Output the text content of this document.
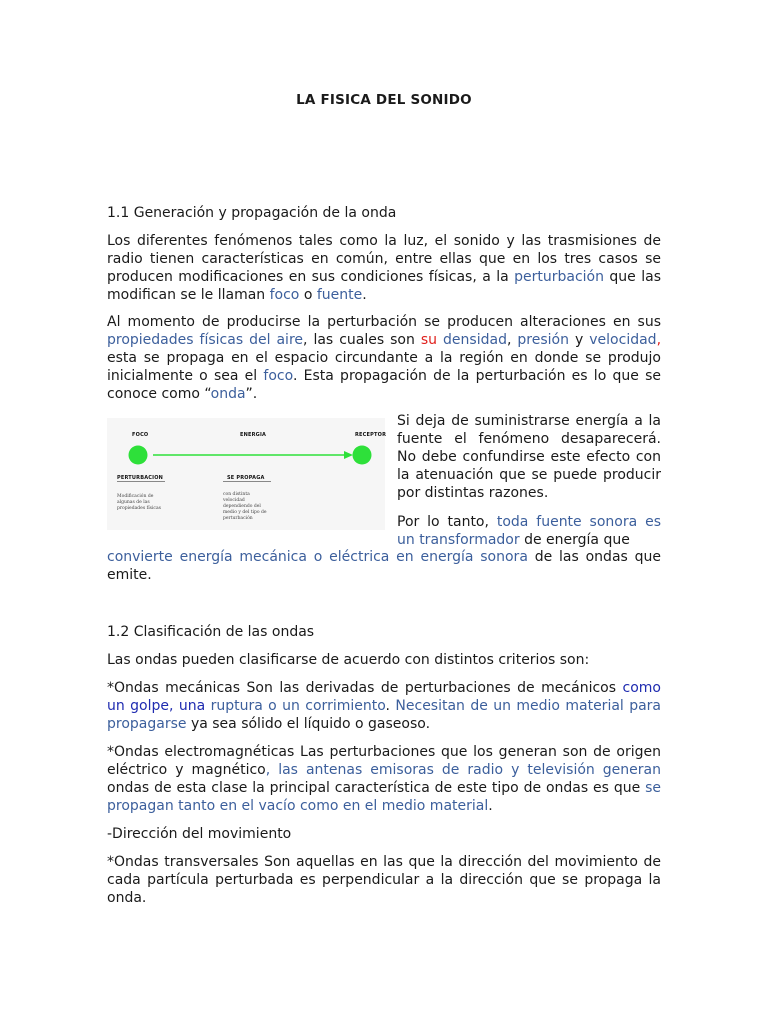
LA FISICA DEL SONIDO
1.1 Generación y propagación de la onda
Los diferentes fenómenos tales como la luz, el sonido y las trasmisiones de radio tienen características en común, entre ellas que en los tres casos se producen modificaciones en sus condiciones físicas, a la perturbación que las modifican se le llaman foco o fuente.
Al momento de producirse la perturbación se producen alteraciones en sus propiedades físicas del aire, las cuales son su densidad, presión y velocidad, esta se propaga en el espacio circundante a la región en donde se produjo inicialmente o sea el foco. Esta propagación de la perturbación es lo que se conoce como “onda”.
FOCO	ENERGIA	RECEPTOR
PERTURBACION	SE PROPAGA
Modificación de algunas de las propiedades físicas
con distinta velocidad dependiendo del medio y del tipo de perturbación
Si deja de suministrarse energía a la fuente el fenómeno desaparecerá. No debe confundirse este efecto con la atenuación que se puede producir por distintas razones.
Por lo tanto, toda fuente sonora es un transformador de energía que
convierte energía mecánica o eléctrica en energía sonora de las ondas que emite.
1.2 Clasificación de las ondas
Las ondas pueden clasificarse de acuerdo con distintos criterios son:
*Ondas mecánicas Son las derivadas de perturbaciones de mecánicos como un golpe, una ruptura o un corrimiento. Necesitan de un medio material para propagarse ya sea sólido el líquido o gaseoso.
*Ondas electromagnéticas Las perturbaciones que los generan son de origen eléctrico y magnético, las antenas emisoras de radio y televisión generan ondas de esta clase la principal característica de este tipo de ondas es que se propagan tanto en el vacío como en el medio material.
-Dirección del movimiento
*Ondas transversales Son aquellas en las que la dirección del movimiento de cada partícula perturbada es perpendicular a la dirección que se propaga la onda.
